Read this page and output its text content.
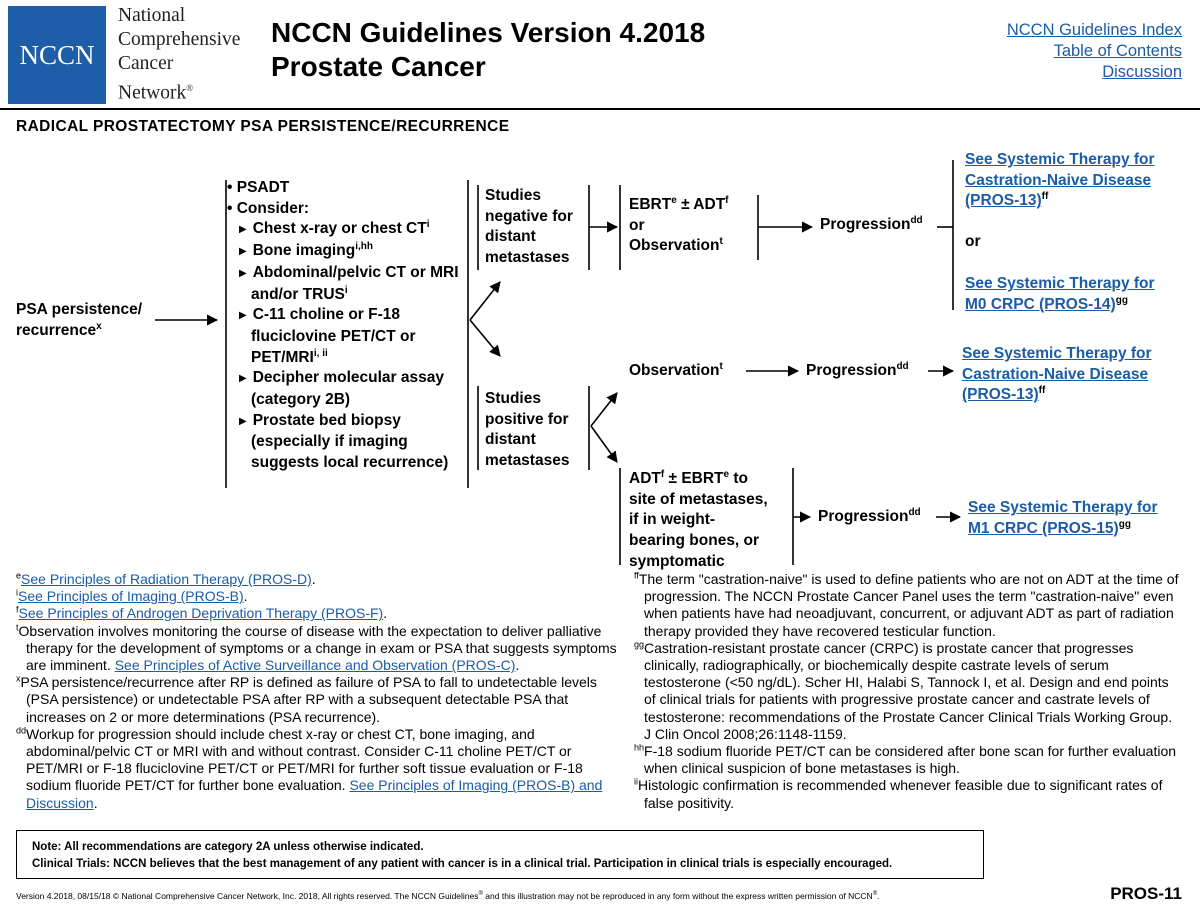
NCCN
National
Comprehensive
Cancer
Network®
NCCN Guidelines Version 4.2018
Prostate Cancer
NCCN Guidelines Index
Table of Contents
Discussion
RADICAL PROSTATECTOMY PSA PERSISTENCE/RECURRENCE
PSA persistence/
recurrence$^x$
• PSADT
• Consider:
▶ Chest x-ray or chest $CT^i$
▶ Bone imaging$^{i,hh}$
▶ Abdominal/pelvic CT or MRI and/or TRUS$^i$
▶ C-11 choline or F-18 fluciclovine PET/CT or PET/$MRI^{i, ii}$
▶ Decipher molecular assay (category 2B)
▶ Prostate bed biopsy (especially if imaging suggests local recurrence)
Studies
negative for
distant
metastases
Studies
positive for
distant
metastases
$EBRT^e \pm ADT^f$
or
Observation$^t$
Observation$^t$
$ADT^f$ ± $EBRT^e$ to
site of metastases,
if in weight-
bearing bones, or
symptomatic
Progression$^{dd}$
Progression$^{dd}$
Progression$^{dd}$
See Systemic Therapy for
Castration-Naive Disease
(PROS-13)$^{ff}$
or
See Systemic Therapy for
M0 CRPC (PROS-14)$^{gg}$
See Systemic Therapy for
Castration-Naive Disease
(PROS-13)$^{ff}$
See Systemic Therapy for
M1 CRPC (PROS-15)$^{gg}$
$^e$See Principles of Radiation Therapy (PROS-D).
$^i$See Principles of Imaging (PROS-B).
$^f$See Principles of Androgen Deprivation Therapy (PROS-F).
$^t$Observation involves monitoring the course of disease with the expectation to deliver palliative therapy for the development of symptoms or a change in exam or PSA that suggests symptoms are imminent. See Principles of Active Surveillance and Observation (PROS-C).
$^x$PSA persistence/recurrence after RP is defined as failure of PSA to fall to undetectable levels (PSA persistence) or undetectable PSA after RP with a subsequent detectable PSA that increases on 2 or more determinations (PSA recurrence).
$^{dd}$Workup for progression should include chest x-ray or chest CT, bone imaging, and abdominal/pelvic CT or MRI with and without contrast. Consider C-11 choline PET/CT or PET/MRI or F-18 fluciclovine PET/CT or PET/MRI for further soft tissue evaluation or F-18 sodium fluoride PET/CT for further bone evaluation. See Principles of Imaging (PROS-B) and Discussion.
$^{ff}$The term "castration-naive" is used to define patients who are not on ADT at the time of progression. The NCCN Prostate Cancer Panel uses the term "castration-naive" even when patients have had neoadjuvant, concurrent, or adjuvant ADT as part of radiation therapy provided they have recovered testicular function.
$^{gg}$Castration-resistant prostate cancer (CRPC) is prostate cancer that progresses clinically, radiographically, or biochemically despite castrate levels of serum testosterone (<50 ng/dL). Scher HI, Halabi S, Tannock I, et al. Design and end points of clinical trials for patients with progressive prostate cancer and castrate levels of testosterone: recommendations of the Prostate Cancer Clinical Trials Working Group. J Clin Oncol 2008;26:1148-1159.
$^{hh}$F-18 sodium fluoride PET/CT can be considered after bone scan for further evaluation when clinical suspicion of bone metastases is high.
$^{ii}$Histologic confirmation is recommended whenever feasible due to significant rates of false positivity.
Note: All recommendations are category 2A unless otherwise indicated.
Clinical Trials: NCCN believes that the best management of any patient with cancer is in a clinical trial. Participation in clinical trials is especially encouraged.
Version 4.2018, 08/15/18 © National Comprehensive Cancer Network, Inc. 2018, All rights reserved. The NCCN Guidelines® and this illustration may not be reproduced in any form without the express written permission of NCCN®.	PROS-11
